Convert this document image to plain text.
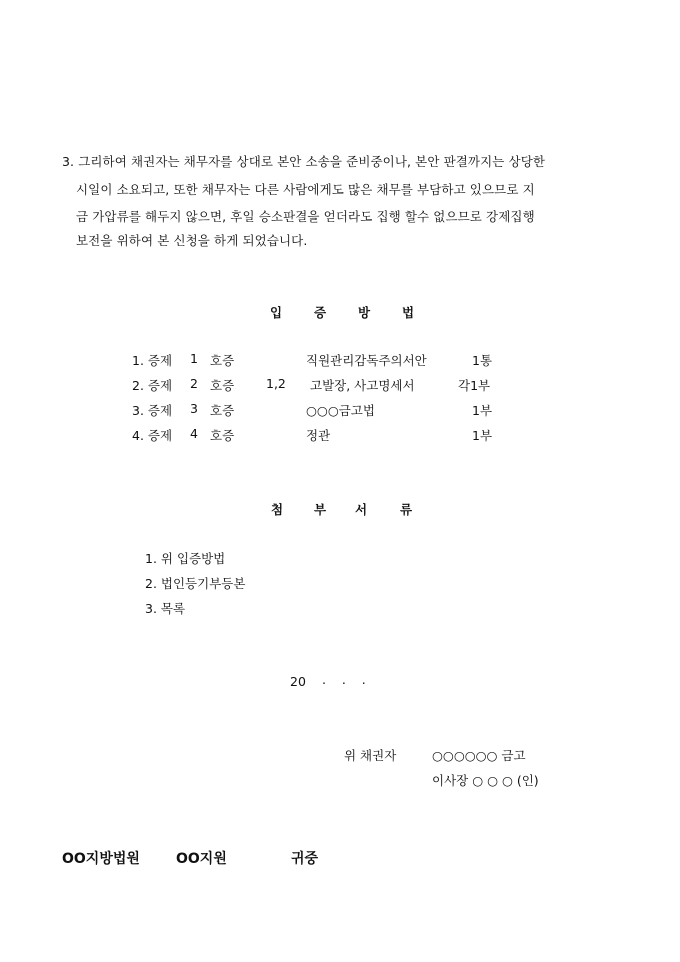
3. 그리하여 채권자는 채무자를 상대로 본안 소송을 준비중이나, 본안 판결까지는 상당한
시일이 소요되고, 또한 채무자는 다른 사람에게도 많은 채무를 부담하고 있으므로 지
금 가압류를 해두지 않으면, 후일 승소판결을 얻더라도 집행 할수 없으므로 강제집행
보전을 위하여 본 신청을 하게 되었습니다.
입	증	방	법
1. 증제 1 호증	직원관리감독주의서안	1통
2. 증제 2 호증	1,2 고발장, 사고명세서	각1부
3. 증제 3 호증	○○○금고법	1부
4. 증제 4 호증	정관	1부
첨	부	서	류
1. 위 입증방법
2. 법인등기부등본
3. 목록
20 .    .    .
위 채권자	○○○○○○ 금고
이사장 ○ ○ ○ (인)
OO지방법원	OO지원	귀중
